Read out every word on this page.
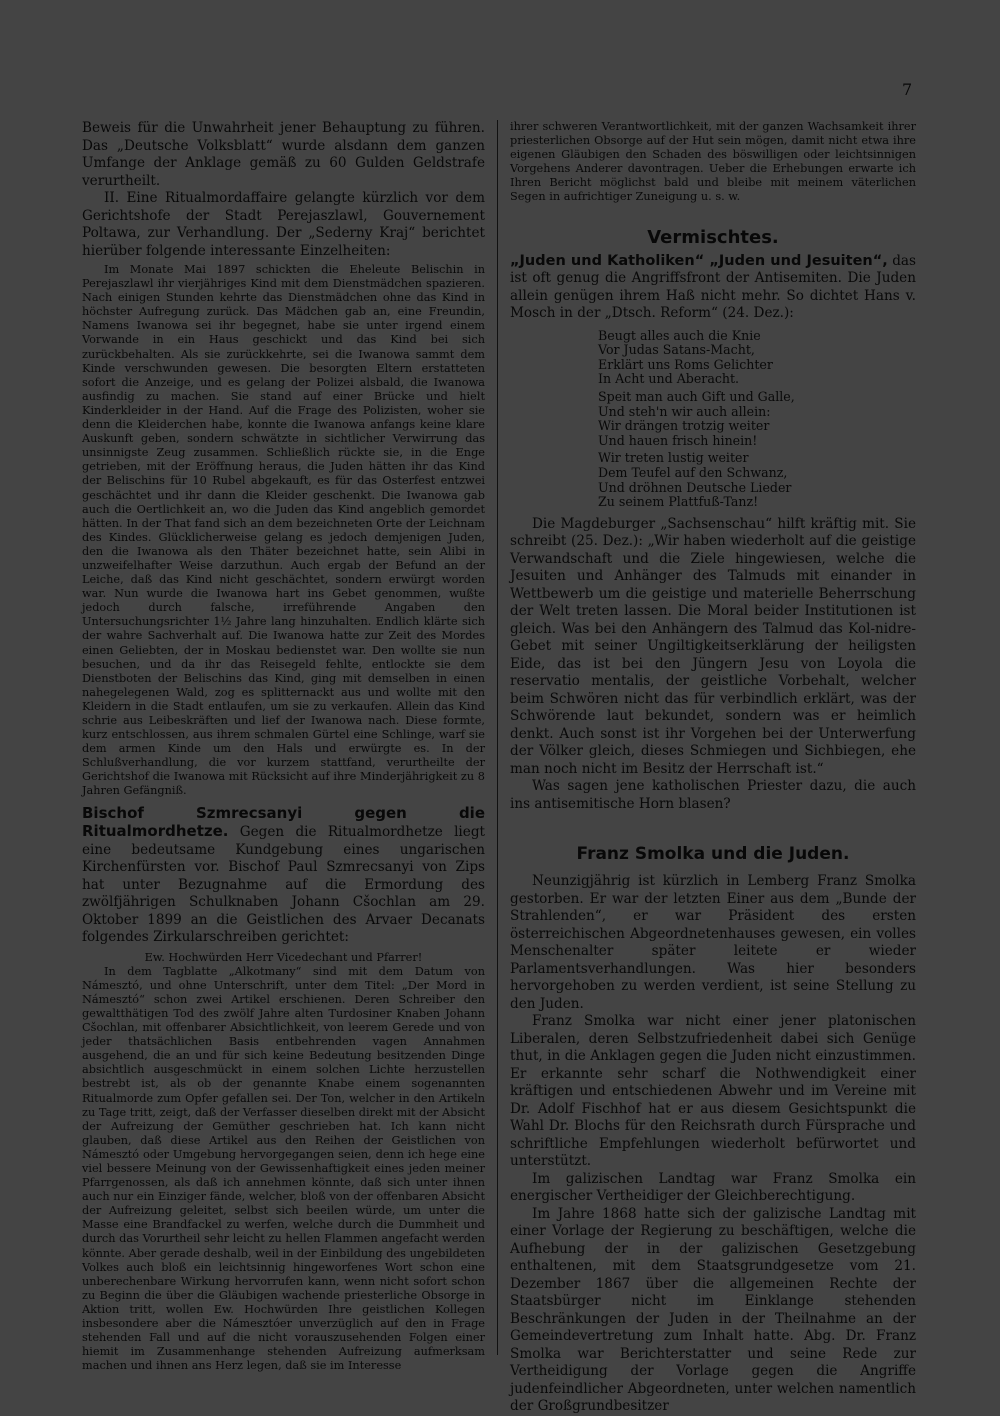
7

Beweis für die Unwahrheit jener Behauptung zu führen. Das „Deutsche Volksblatt“ wurde alsdann dem ganzen Umfange der Anklage gemäß zu 60 Gulden Geldstrafe verurtheilt.

II. Eine Ritualmordaffaire gelangte kürzlich vor dem Gerichtshofe der Stadt Perejaszlawl, Gouvernement Poltawa, zur Verhandlung. Der „Sederny Kraj“ berichtet hierüber folgende interessante Einzelheiten:

Im Monate Mai 1897 schickten die Eheleute Belischin in Perejaszlawl ihr vierjähriges Kind mit dem Dienstmädchen spazieren. Nach einigen Stunden kehrte das Dienstmädchen ohne das Kind in höchster Aufregung zurück. Das Mädchen gab an, eine Freundin, Namens Iwanowa sei ihr begegnet, habe sie unter irgend einem Vorwande in ein Haus geschickt und das Kind bei sich zurückbehalten. Als sie zurückkehrte, sei die Iwanowa sammt dem Kinde verschwunden gewesen. Die besorgten Eltern erstatteten sofort die Anzeige, und es gelang der Polizei alsbald, die Iwanowa ausfindig zu machen. Sie stand auf einer Brücke und hielt Kinderkleider in der Hand. Auf die Frage des Polizisten, woher sie denn die Kleiderchen habe, konnte die Iwanowa anfangs keine klare Auskunft geben, sondern schwätzte in sichtlicher Verwirrung das unsinnigste Zeug zusammen. Schließlich rückte sie, in die Enge getrieben, mit der Eröffnung heraus, die Juden hätten ihr das Kind der Belischins für 10 Rubel abgekauft, es für das Osterfest entzwei geschächtet und ihr dann die Kleider geschenkt. Die Iwanowa gab auch die Oertlichkeit an, wo die Juden das Kind angeblich gemordet hätten. In der That fand sich an dem bezeichneten Orte der Leichnam des Kindes. Glücklicherweise gelang es jedoch demjenigen Juden, den die Iwanowa als den Thäter bezeichnet hatte, sein Alibi in unzweifelhafter Weise darzuthun. Auch ergab der Befund an der Leiche, daß das Kind nicht geschächtet, sondern erwürgt worden war. Nun wurde die Iwanowa hart ins Gebet genommen, wußte jedoch durch falsche, irreführende Angaben den Untersuchungsrichter 1½ Jahre lang hinzuhalten. Endlich klärte sich der wahre Sachverhalt auf. Die Iwanowa hatte zur Zeit des Mordes einen Geliebten, der in Moskau bedienstet war. Den wollte sie nun besuchen, und da ihr das Reisegeld fehlte, entlockte sie dem Dienstboten der Belischins das Kind, ging mit demselben in einen nahegelegenen Wald, zog es splitternackt aus und wollte mit den Kleidern in die Stadt entlaufen, um sie zu verkaufen. Allein das Kind schrie aus Leibeskräften und lief der Iwanowa nach. Diese formte, kurz entschlossen, aus ihrem schmalen Gürtel eine Schlinge, warf sie dem armen Kinde um den Hals und erwürgte es. In der Schlußverhandlung, die vor kurzem stattfand, verurtheilte der Gerichtshof die Iwanowa mit Rücksicht auf ihre Minderjährigkeit zu 8 Jahren Gefängniß.

Bischof Szmrecsanyi gegen die Ritualmordhetze. Gegen die Ritualmordhetze liegt eine bedeutsame Kundgebung eines ungarischen Kirchenfürsten vor. Bischof Paul Szmrecsanyi von Zips hat unter Bezugnahme auf die Ermordung des zwölfjährigen Schulknaben Johann Cšochlan am 29. Oktober 1899 an die Geistlichen des Arvaer Decanats folgendes Zirkularschreiben gerichtet:

Ew. Hochwürden Herr Vicedechant und Pfarrer!

In dem Tagblatte „Alkotmany“ sind mit dem Datum von Námesztó, und ohne Unterschrift, unter dem Titel: „Der Mord in Námesztó“ schon zwei Artikel erschienen. Deren Schreiber den gewaltthätigen Tod des zwölf Jahre alten Turdosiner Knaben Johann Cšochlan, mit offenbarer Absichtlichkeit, von leerem Gerede und von jeder thatsächlichen Basis entbehrenden vagen Annahmen ausgehend, die an und für sich keine Bedeutung besitzenden Dinge absichtlich ausgeschmückt in einem solchen Lichte herzustellen bestrebt ist, als ob der genannte Knabe einem sogenannten Ritualmorde zum Opfer gefallen sei. Der Ton, welcher in den Artikeln zu Tage tritt, zeigt, daß der Verfasser dieselben direkt mit der Absicht der Aufreizung der Gemüther geschrieben hat. Ich kann nicht glauben, daß diese Artikel aus den Reihen der Geistlichen von Námesztó oder Umgebung hervorgegangen seien, denn ich hege eine viel bessere Meinung von der Gewissenhaftigkeit eines jeden meiner Pfarrgenossen, als daß ich annehmen könnte, daß sich unter ihnen auch nur ein Einziger fände, welcher, bloß von der offenbaren Absicht der Aufreizung geleitet, selbst sich beeilen würde, um unter die Masse eine Brandfackel zu werfen, welche durch die Dummheit und durch das Vorurtheil sehr leicht zu hellen Flammen angefacht werden könnte. Aber gerade deshalb, weil in der Einbildung des ungebildeten Volkes auch bloß ein leichtsinnig hingeworfenes Wort schon eine unberechenbare Wirkung hervorrufen kann, wenn nicht sofort schon zu Beginn die über die Gläubigen wachende priesterliche Obsorge in Aktion tritt, wollen Ew. Hochwürden Ihre geistlichen Kollegen insbesondere aber die Námesztóer unverzüglich auf den in Frage stehenden Fall und auf die nicht vorauszusehenden Folgen einer hiemit im Zusammenhange stehenden Aufreizung aufmerksam machen und ihnen ans Herz legen, daß sie im Interesse

ihrer schweren Verantwortlichkeit, mit der ganzen Wachsamkeit ihrer priesterlichen Obsorge auf der Hut sein mögen, damit nicht etwa ihre eigenen Gläubigen den Schaden des böswilligen oder leichtsinnigen Vorgehens Anderer davontragen. Ueber die Erhebungen erwarte ich Ihren Bericht möglichst bald und bleibe mit meinem väterlichen Segen in aufrichtiger Zuneigung u. s. w.

Vermischtes.

„Juden und Katholiken“ „Juden und Jesuiten“, das ist oft genug die Angriffsfront der Antisemiten. Die Juden allein genügen ihrem Haß nicht mehr. So dichtet Hans v. Mosch in der „Dtsch. Reform“ (24. Dez.):

Beugt alles auch die Knie
Vor Judas Satans-Macht,
Erklärt uns Roms Gelichter
In Acht und Aberacht.
Speit man auch Gift und Galle,
Und steh'n wir auch allein:
Wir drängen trotzig weiter
Und hauen frisch hinein!
Wir treten lustig weiter
Dem Teufel auf den Schwanz,
Und dröhnen Deutsche Lieder
Zu seinem Plattfuß-Tanz!

Die Magdeburger „Sachsenschau“ hilft kräftig mit. Sie schreibt (25. Dez.): „Wir haben wiederholt auf die geistige Verwandschaft und die Ziele hingewiesen, welche die Jesuiten und Anhänger des Talmuds mit einander in Wettbewerb um die geistige und materielle Beherrschung der Welt treten lassen. Die Moral beider Institutionen ist gleich. Was bei den Anhängern des Talmud das Kol-nidre-Gebet mit seiner Ungiltigkeitserklärung der heiligsten Eide, das ist bei den Jüngern Jesu von Loyola die reservatio mentalis, der geistliche Vorbehalt, welcher beim Schwören nicht das für verbindlich erklärt, was der Schwörende laut bekundet, sondern was er heimlich denkt. Auch sonst ist ihr Vorgehen bei der Unterwerfung der Völker gleich, dieses Schmiegen und Sichbiegen, ehe man noch nicht im Besitz der Herrschaft ist.“

Was sagen jene katholischen Priester dazu, die auch ins antisemitische Horn blasen?

Franz Smolka und die Juden.

Neunzigjährig ist kürzlich in Lemberg Franz Smolka gestorben. Er war der letzten Einer aus dem „Bunde der Strahlenden“, er war Präsident des ersten österreichischen Abgeordnetenhauses gewesen, ein volles Menschenalter später leitete er wieder Parlamentsverhandlungen. Was hier besonders hervorgehoben zu werden verdient, ist seine Stellung zu den Juden.

Franz Smolka war nicht einer jener platonischen Liberalen, deren Selbstzufriedenheit dabei sich Genüge thut, in die Anklagen gegen die Juden nicht einzustimmen. Er erkannte sehr scharf die Nothwendigkeit einer kräftigen und entschiedenen Abwehr und im Vereine mit Dr. Adolf Fischhof hat er aus diesem Gesichtspunkt die Wahl Dr. Blochs für den Reichsrath durch Fürsprache und schriftliche Empfehlungen wiederholt befürwortet und unterstützt.

Im galizischen Landtag war Franz Smolka ein energischer Vertheidiger der Gleichberechtigung.

Im Jahre 1868 hatte sich der galizische Landtag mit einer Vorlage der Regierung zu beschäftigen, welche die Aufhebung der in der galizischen Gesetzgebung enthaltenen, mit dem Staatsgrundgesetze vom 21. Dezember 1867 über die allgemeinen Rechte der Staatsbürger nicht im Einklange stehenden Beschränkungen der Juden in der Theilnahme an der Gemeindevertretung zum Inhalt hatte. Abg. Dr. Franz Smolka war Berichterstatter und seine Rede zur Vertheidigung der Vorlage gegen die Angriffe judenfeindlicher Abgeordneten, unter welchen namentlich der Großgrundbesitzer
